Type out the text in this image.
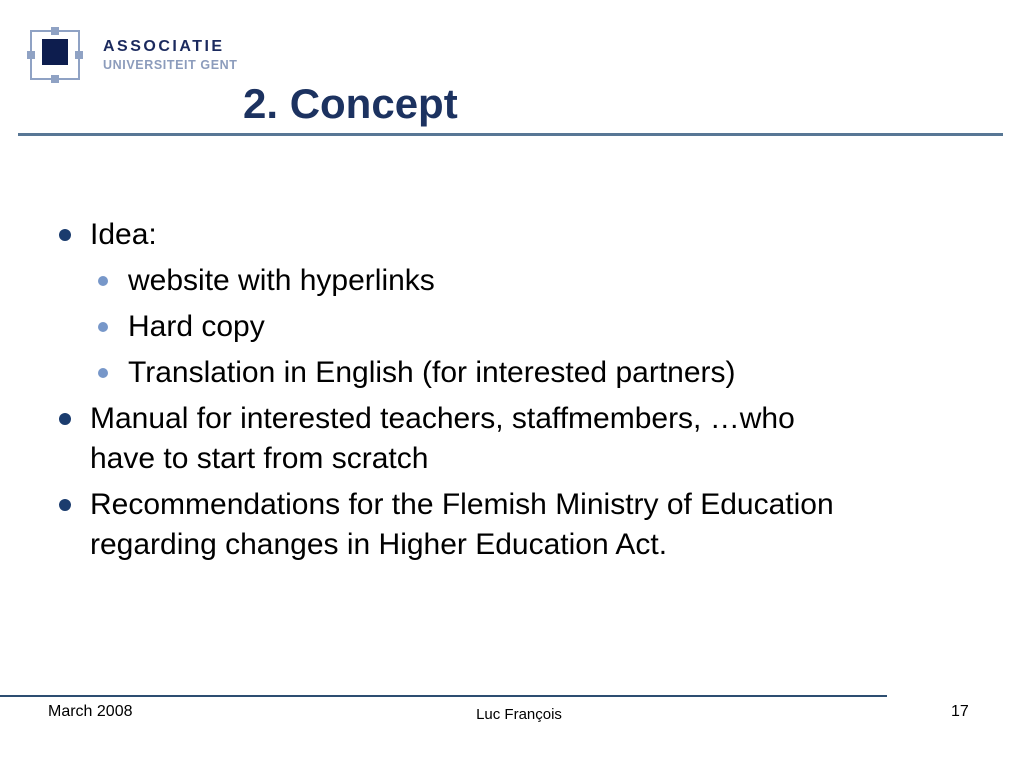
ASSOCIATIE
UNIVERSITEIT GENT
2. Concept
Idea:
website with hyperlinks
Hard copy
Translation in English (for interested partners)
Manual for interested teachers, staffmembers, …who
have to start from scratch
Recommendations for the Flemish Ministry of Education
regarding changes in Higher Education Act.
March 2008	Luc François	17
